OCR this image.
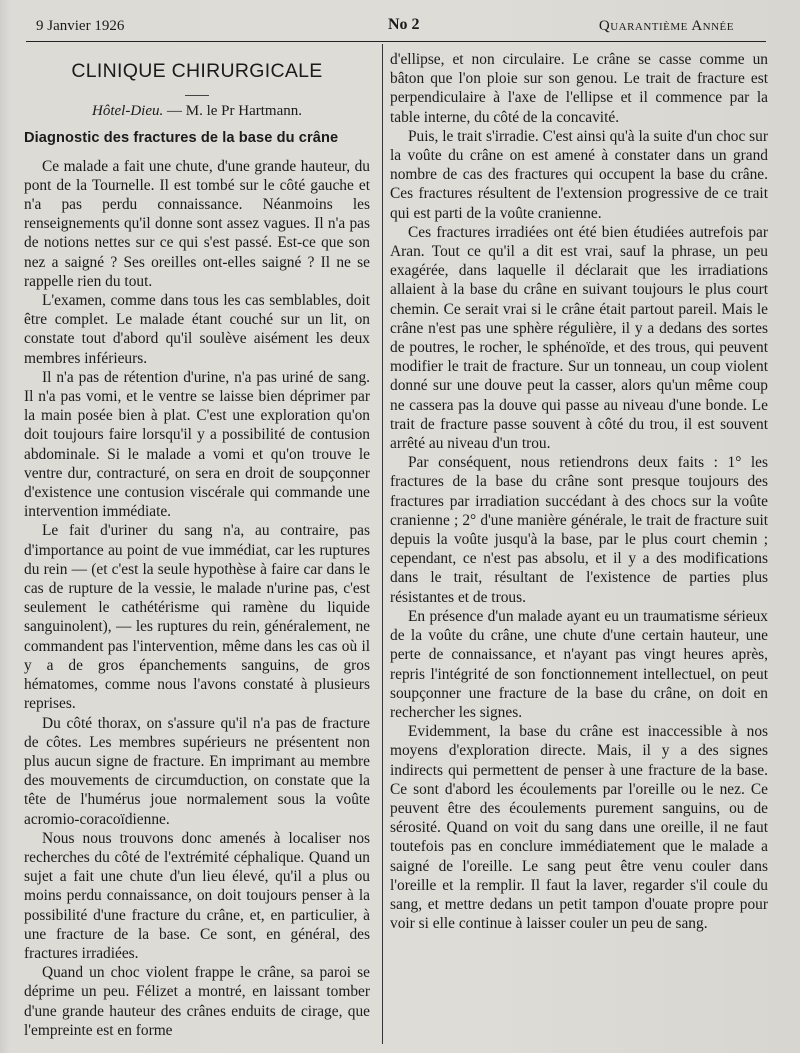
9 Janvier 1926	No 2	Quarantième Année
CLINIQUE CHIRURGICALE
Hôtel-Dieu. — M. le Pr Hartmann.
Diagnostic des fractures de la base du crâne

Ce malade a fait une chute, d'une grande hauteur, du pont de la Tournelle. Il est tombé sur le côté gauche et n'a pas perdu connaissance. Néanmoins les renseignements qu'il donne sont assez vagues. Il n'a pas de notions nettes sur ce qui s'est passé. Est-ce que son nez a saigné ? Ses oreilles ont-elles saigné ? Il ne se rappelle rien du tout.

L'examen, comme dans tous les cas semblables, doit être complet. Le malade étant couché sur un lit, on constate tout d'abord qu'il soulève aisément les deux membres inférieurs.

Il n'a pas de rétention d'urine, n'a pas uriné de sang. Il n'a pas vomi, et le ventre se laisse bien déprimer par la main posée bien à plat. C'est une exploration qu'on doit toujours faire lorsqu'il y a possibilité de contusion abdominale. Si le malade a vomi et qu'on trouve le ventre dur, contracturé, on sera en droit de soupçonner d'existence une contusion viscérale qui commande une intervention immédiate.

Le fait d'uriner du sang n'a, au contraire, pas d'importance au point de vue immédiat, car les ruptures du rein — (et c'est la seule hypothèse à faire car dans le cas de rupture de la vessie, le malade n'urine pas, c'est seulement le cathétérisme qui ramène du liquide sanguinolent), — les ruptures du rein, généralement, ne commandent pas l'intervention, même dans les cas où il y a de gros épanchements sanguins, de gros hématomes, comme nous l'avons constaté à plusieurs reprises.

Du côté thorax, on s'assure qu'il n'a pas de fracture de côtes. Les membres supérieurs ne présentent non plus aucun signe de fracture. En imprimant au membre des mouvements de circumduction, on constate que la tête de l'humérus joue normalement sous la voûte acromio-coracoïdienne.

Nous nous trouvons donc amenés à localiser nos recherches du côté de l'extrémité céphalique. Quand un sujet a fait une chute d'un lieu élevé, qu'il a plus ou moins perdu connaissance, on doit toujours penser à la possibilité d'une fracture du crâne, et, en particulier, à une fracture de la base. Ce sont, en général, des fractures irradiées.

Quand un choc violent frappe le crâne, sa paroi se déprime un peu. Félizet a montré, en laissant tomber d'une grande hauteur des crânes enduits de cirage, que l'empreinte est en forme

d'ellipse, et non circulaire. Le crâne se casse comme un bâton que l'on ploie sur son genou. Le trait de fracture est perpendiculaire à l'axe de l'ellipse et il commence par la table interne, du côté de la concavité.

Puis, le trait s'irradie. C'est ainsi qu'à la suite d'un choc sur la voûte du crâne on est amené à constater dans un grand nombre de cas des fractures qui occupent la base du crâne. Ces fractures résultent de l'extension progressive de ce trait qui est parti de la voûte cranienne.

Ces fractures irradiées ont été bien étudiées autrefois par Aran. Tout ce qu'il a dit est vrai, sauf la phrase, un peu exagérée, dans laquelle il déclarait que les irradiations allaient à la base du crâne en suivant toujours le plus court chemin. Ce serait vrai si le crâne était partout pareil. Mais le crâne n'est pas une sphère régulière, il y a dedans des sortes de poutres, le rocher, le sphénoïde, et des trous, qui peuvent modifier le trait de fracture. Sur un tonneau, un coup violent donné sur une douve peut la casser, alors qu'un même coup ne cassera pas la douve qui passe au niveau d'une bonde. Le trait de fracture passe souvent à côté du trou, il est souvent arrêté au niveau d'un trou.

Par conséquent, nous retiendrons deux faits : 1° les fractures de la base du crâne sont presque toujours des fractures par irradiation succédant à des chocs sur la voûte cranienne ; 2° d'une manière générale, le trait de fracture suit depuis la voûte jusqu'à la base, par le plus court chemin ; cependant, ce n'est pas absolu, et il y a des modifications dans le trait, résultant de l'existence de parties plus résistantes et de trous.

En présence d'un malade ayant eu un traumatisme sérieux de la voûte du crâne, une chute d'une certain hauteur, une perte de connaissance, et n'ayant pas vingt heures après, repris l'intégrité de son fonctionnement intellectuel, on peut soupçonner une fracture de la base du crâne, on doit en rechercher les signes.

Evidemment, la base du crâne est inaccessible à nos moyens d'exploration directe. Mais, il y a des signes indirects qui permettent de penser à une fracture de la base. Ce sont d'abord les écoulements par l'oreille ou le nez. Ce peuvent être des écoulements purement sanguins, ou de sérosité. Quand on voit du sang dans une oreille, il ne faut toutefois pas en conclure immédiatement que le malade a saigné de l'oreille. Le sang peut être venu couler dans l'oreille et la remplir. Il faut la laver, regarder s'il coule du sang, et mettre dedans un petit tampon d'ouate propre pour voir si elle continue à laisser couler un peu de sang.
